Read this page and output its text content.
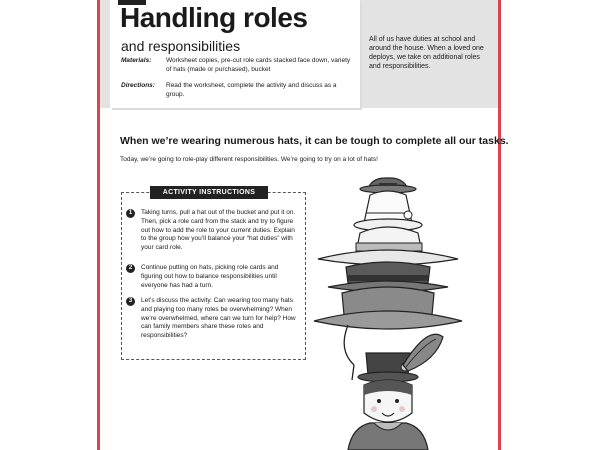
Handling roles
and responsibilities
Materials:	Worksheet copies, pre-cut role cards stacked face down, variety of hats (made or purchased), bucket
Directions:	Read the worksheet, complete the activity and discuss as a group.
All of us have duties at school and around the house. When a loved one deploys, we take on additional roles and responsibilities.
When we’re wearing numerous hats, it can be tough to complete all our tasks.
Today, we’re going to role-play different responsibilities. We’re going to try on a lot of hats!
ACTIVITY INSTRUCTIONS
1	Taking turns, pull a hat out of the bucket and put it on. Then, pick a role card from the stack and try to figure out how to add the role to your current duties. Explain to the group how you’ll balance your “hat duties” with your card role.
2	Continue putting on hats, picking role cards and figuring out how to balance responsibilities until everyone has had a turn.
3	Let’s discuss the activity. Can wearing too many hats and playing too many roles be overwhelming? When we’re overwhelmed, where can we turn for help? How can family members share these roles and responsibilities?
